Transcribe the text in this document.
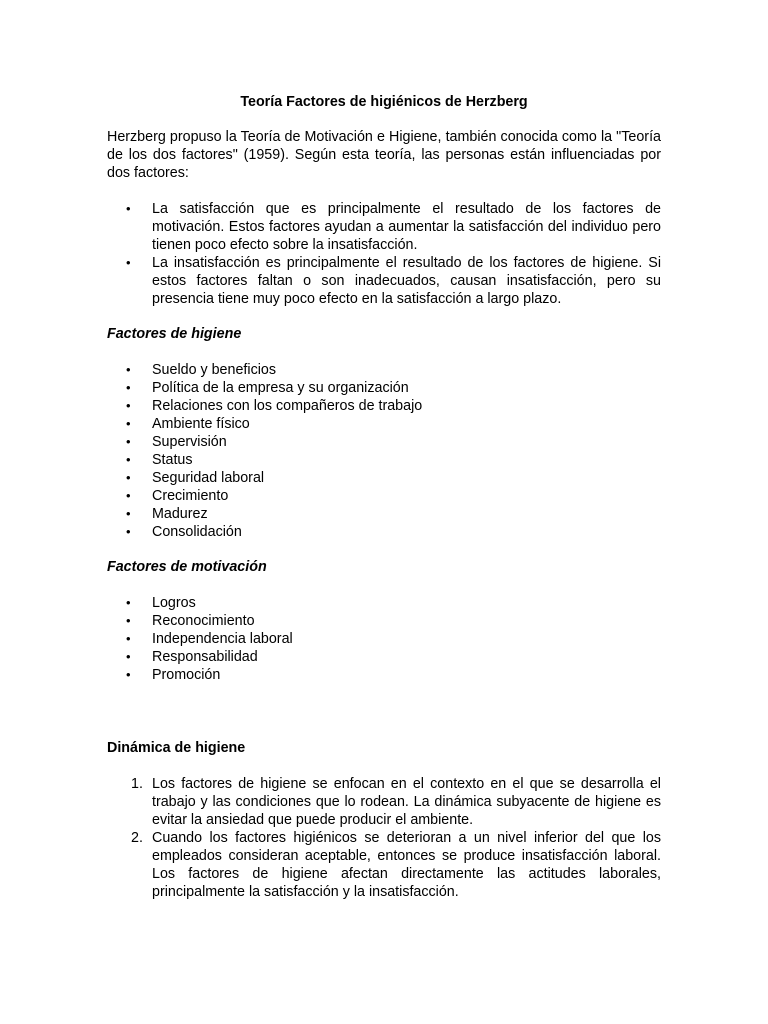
Teoría Factores de higiénicos de Herzberg

Herzberg propuso la Teoría de Motivación e Higiene, también conocida como la "Teoría de los dos factores" (1959). Según esta teoría, las personas están influenciadas por dos factores:

• La satisfacción que es principalmente el resultado de los factores de motivación. Estos factores ayudan a aumentar la satisfacción del individuo pero tienen poco efecto sobre la insatisfacción.
• La insatisfacción es principalmente el resultado de los factores de higiene. Si estos factores faltan o son inadecuados, causan insatisfacción, pero su presencia tiene muy poco efecto en la satisfacción a largo plazo.
Factores de higiene
• Sueldo y beneficios
• Política de la empresa y su organización
• Relaciones con los compañeros de trabajo
• Ambiente físico
• Supervisión
• Status
• Seguridad laboral
• Crecimiento
• Madurez
• Consolidación
Factores de motivación
• Logros
• Reconocimiento
• Independencia laboral
• Responsabilidad
• Promoción
Dinámica de higiene
1. Los factores de higiene se enfocan en el contexto en el que se desarrolla el trabajo y las condiciones que lo rodean. La dinámica subyacente de higiene es evitar la ansiedad que puede producir el ambiente.
2. Cuando los factores higiénicos se deterioran a un nivel inferior del que los empleados consideran aceptable, entonces se produce insatisfacción laboral. Los factores de higiene afectan directamente las actitudes laborales, principalmente la satisfacción y la insatisfacción.
